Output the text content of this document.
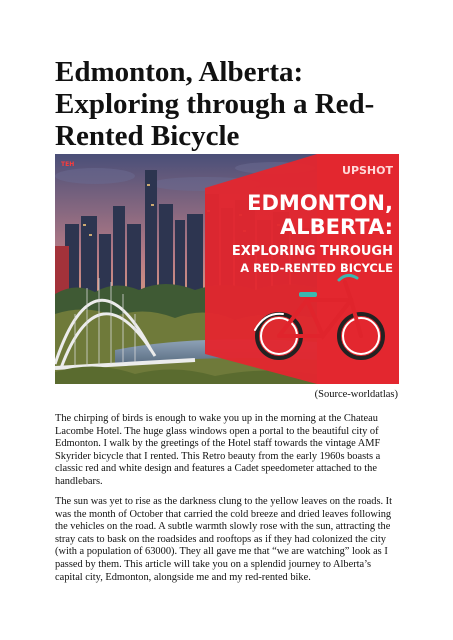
Edmonton, Alberta:
Exploring through a Red-
Rented Bicycle
TEH	UPSHOT
EDMONTON,
ALBERTA:
EXPLORING THROUGH
A RED-RENTED BICYCLE
(Source-worldatlas)

The chirping of birds is enough to wake you up in the morning at the Chateau Lacombe Hotel. The huge glass windows open a portal to the beautiful city of Edmonton. I walk by the greetings of the Hotel staff towards the vintage AMF Skyrider bicycle that I rented. This Retro beauty from the early 1960s boasts a classic red and white design and features a Cadet speedometer attached to the handlebars.

The sun was yet to rise as the darkness clung to the yellow leaves on the roads. It was the month of October that carried the cold breeze and dried leaves following the vehicles on the road. A subtle warmth slowly rose with the sun, attracting the stray cats to bask on the roadsides and rooftops as if they had colonized the city (with a population of 63000). They all gave me that “we are watching” look as I passed by them. This article will take you on a splendid journey to Alberta’s capital city, Edmonton, alongside me and my red-rented bike.
